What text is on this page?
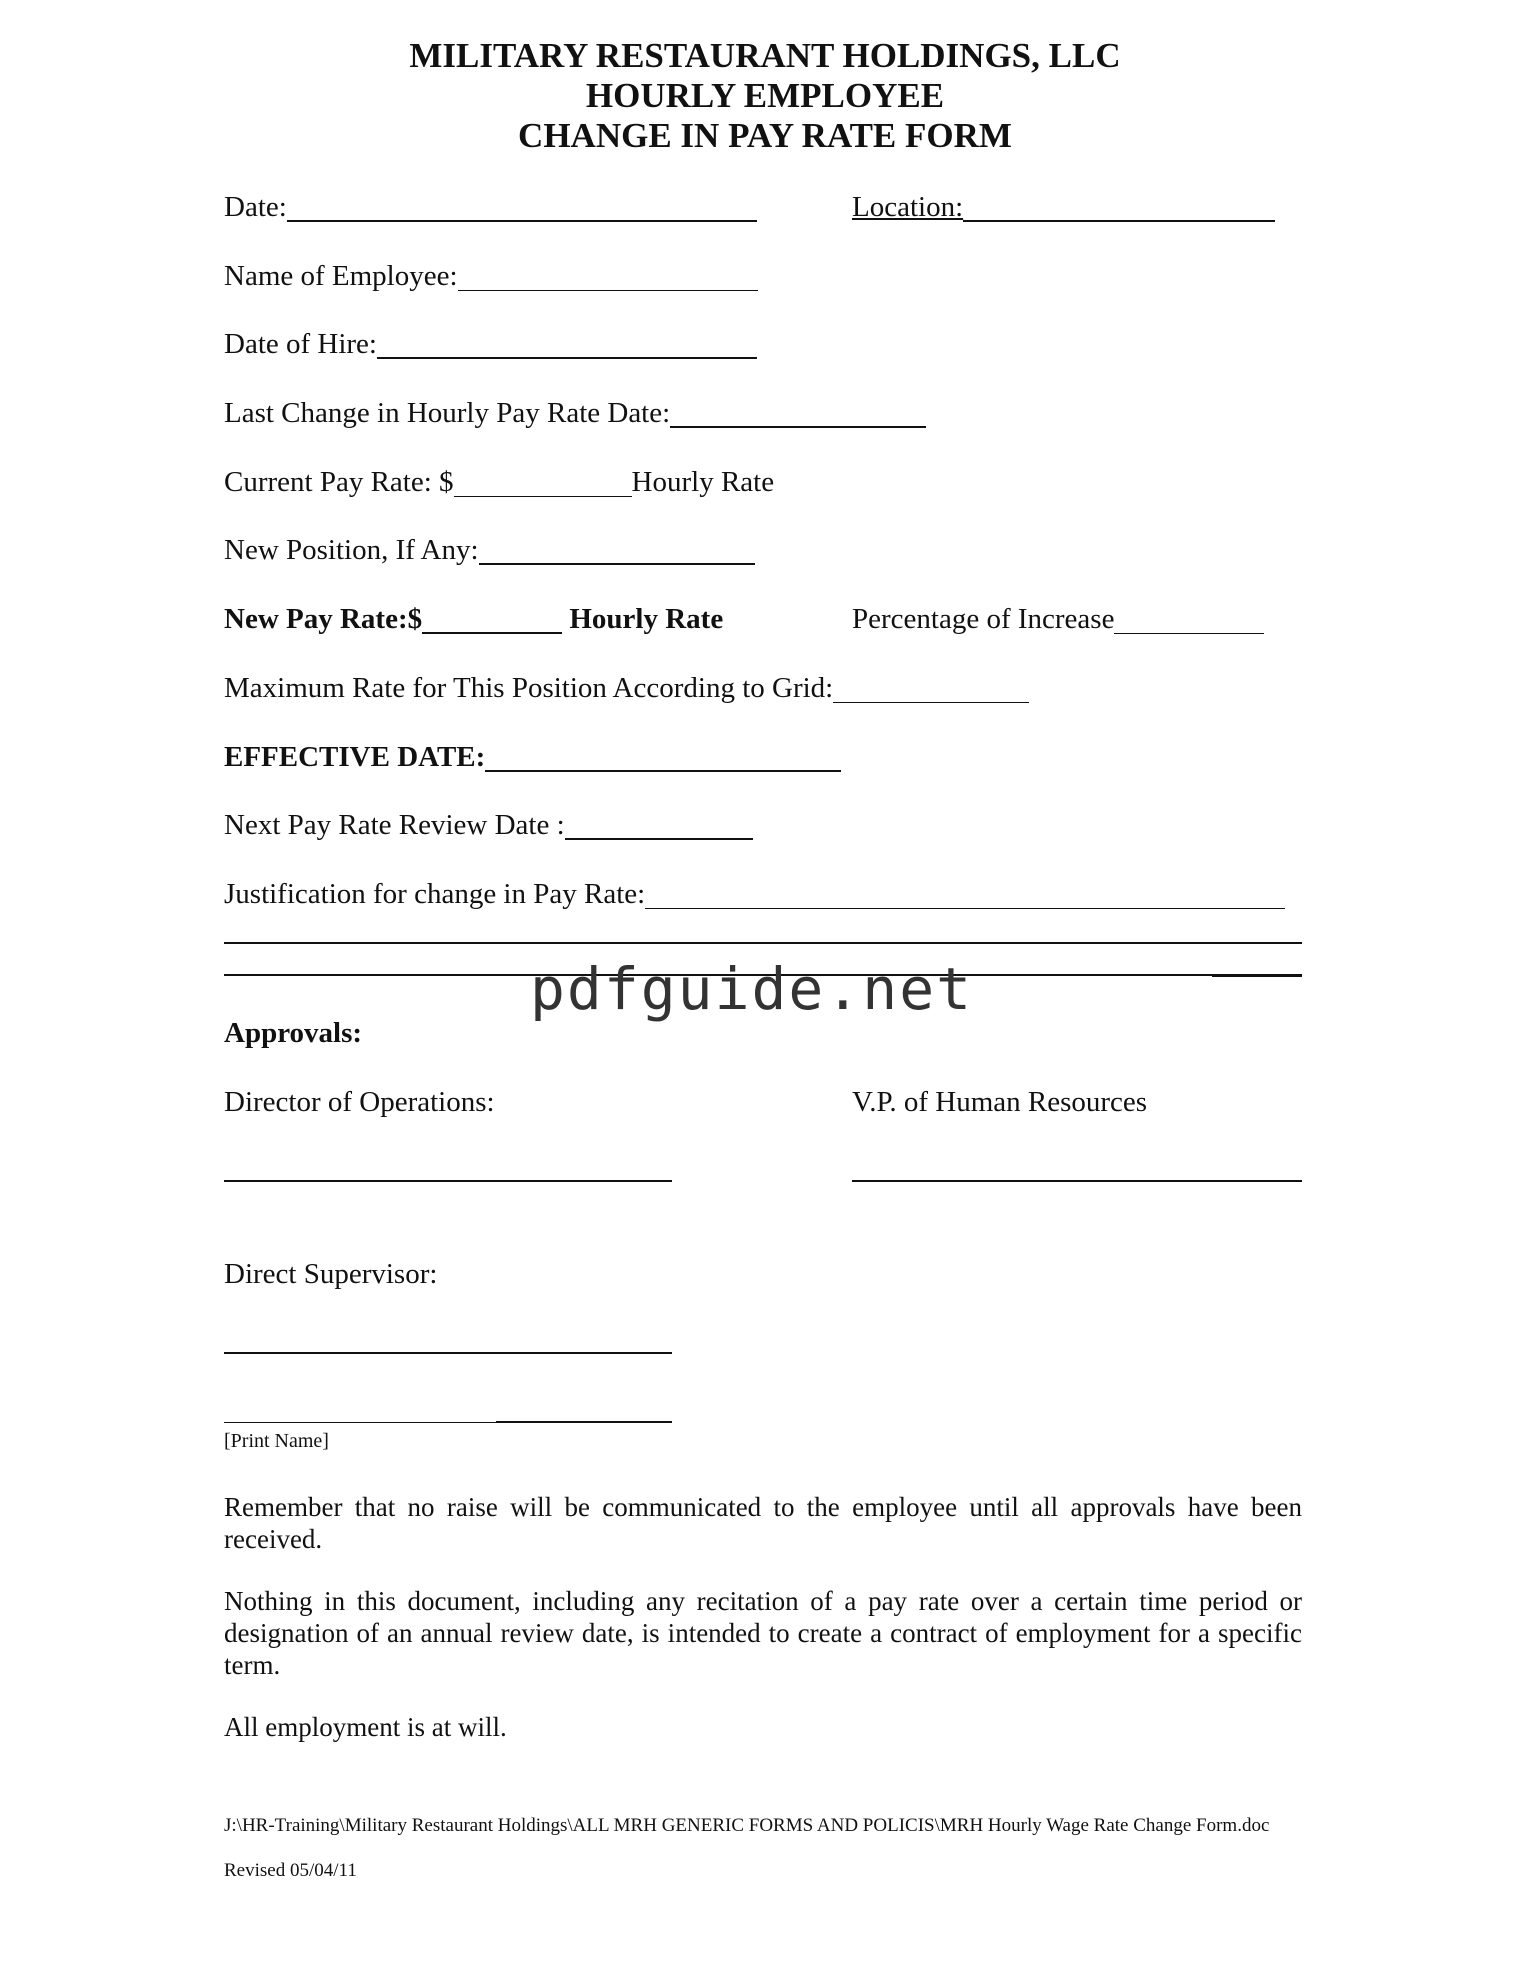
MILITARY RESTAURANT HOLDINGS, LLC
HOURLY EMPLOYEE
CHANGE IN PAY RATE FORM
Date:	Location:
Name of Employee:
Date of Hire:
Last Change in Hourly Pay Rate Date:
Current Pay Rate: $	Hourly Rate
New Position, If Any:
New Pay Rate:$	Hourly Rate	Percentage of Increase
Maximum Rate for This Position According to Grid:
EFFECTIVE DATE:
Next Pay Rate Review Date :
Justification for change in Pay Rate:
pdfguide.net
Approvals:
Director of Operations:	V.P. of Human Resources
Direct Supervisor:
[Print Name]
Remember that no raise will be communicated to the employee until all approvals have been received.
Nothing in this document, including any recitation of a pay rate over a certain time period or designation of an annual review date, is intended to create a contract of employment for a specific term.
All employment is at will.
J:\HR-Training\Military Restaurant Holdings\ALL MRH GENERIC FORMS AND POLICIS\MRH Hourly Wage Rate Change Form.doc
Revised 05/04/11
